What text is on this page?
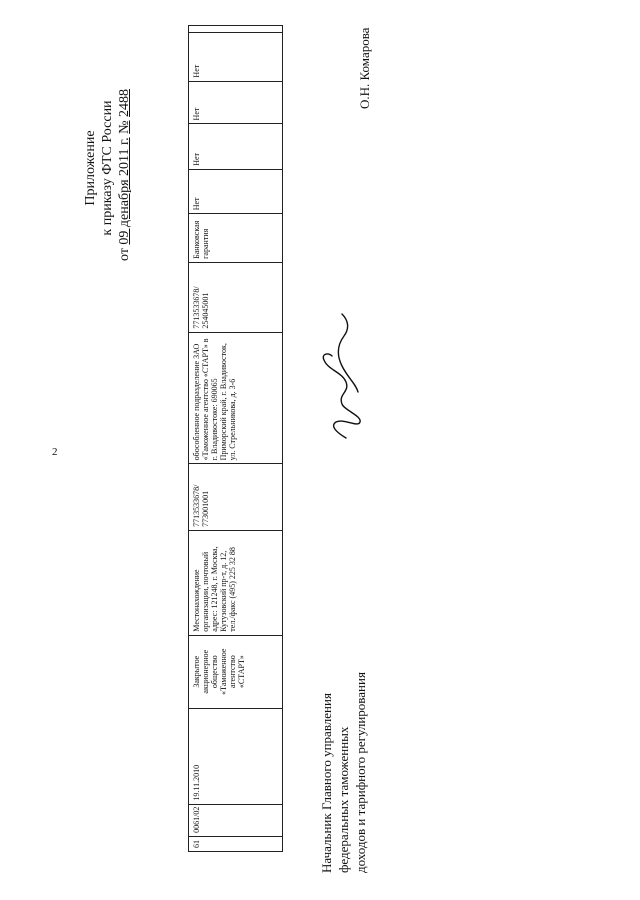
2
61
0061/02
19.11.2010
Закрытое акционерное общество «Таможенное агентство «СТАРТ»
Местонахождение организации, почтовый адрес: 121248, г. Москва, Кутузовский пр-т, д. 12, тел./факс (495) 225 32 88
7713533678/ 773001001
обособленное подразделение ЗАО «Таможенное агентство «СТАРТ» в г. Владивостоке: 690065 Приморский край, г. Владивосток, ул. Стрельникова, д. 3-6
7713533678/ 254045001
Банковская гарантия
Нет
Нет
Нет
Нет
Приложение к приказу ФТС России
от 09 денабря 2011 г. № 2488
Начальник Главного управления федеральных таможенных доходов и тарифного регулирования
О.Н. Комарова
